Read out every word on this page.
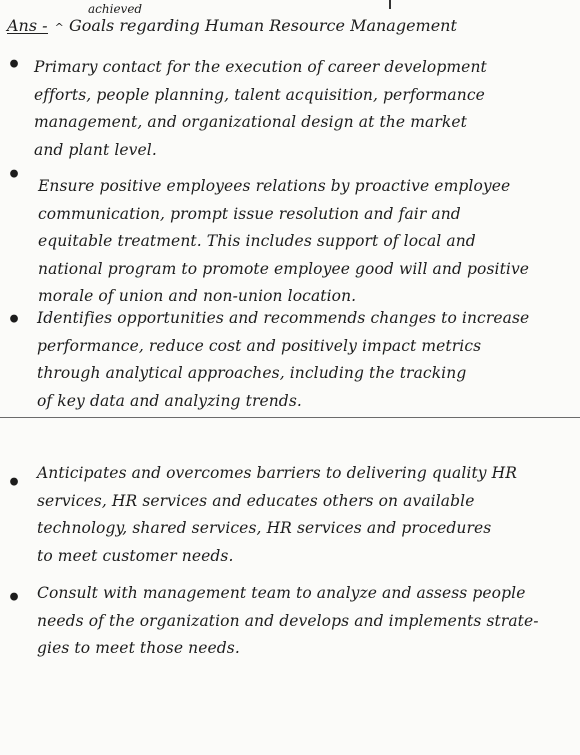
achieved
Ans - ^ Goals regarding Human Resource Management
• Primary contact for the execution of career development
efforts, people planning, talent acquisition, performance
management, and organizational design at the market
and plant level.
• Ensure positive employees relations by proactive employee
communication, prompt issue resolution and fair and
equitable treatment. This includes support of local and
national program to promote employee good will and positive
morale of union and non-union location.
• Identifies opportunities and recommends changes to increase
performance, reduce cost and positively impact metrics
through analytical approaches, including the tracking
of key data and analyzing trends.
• Anticipates and overcomes barriers to delivering quality HR
services, HR services and educates others on available
technology, shared services, HR services and procedures
to meet customer needs.
• Consult with management team to analyze and assess people
needs of the organization and develops and implements strate-
gies to meet those needs.
